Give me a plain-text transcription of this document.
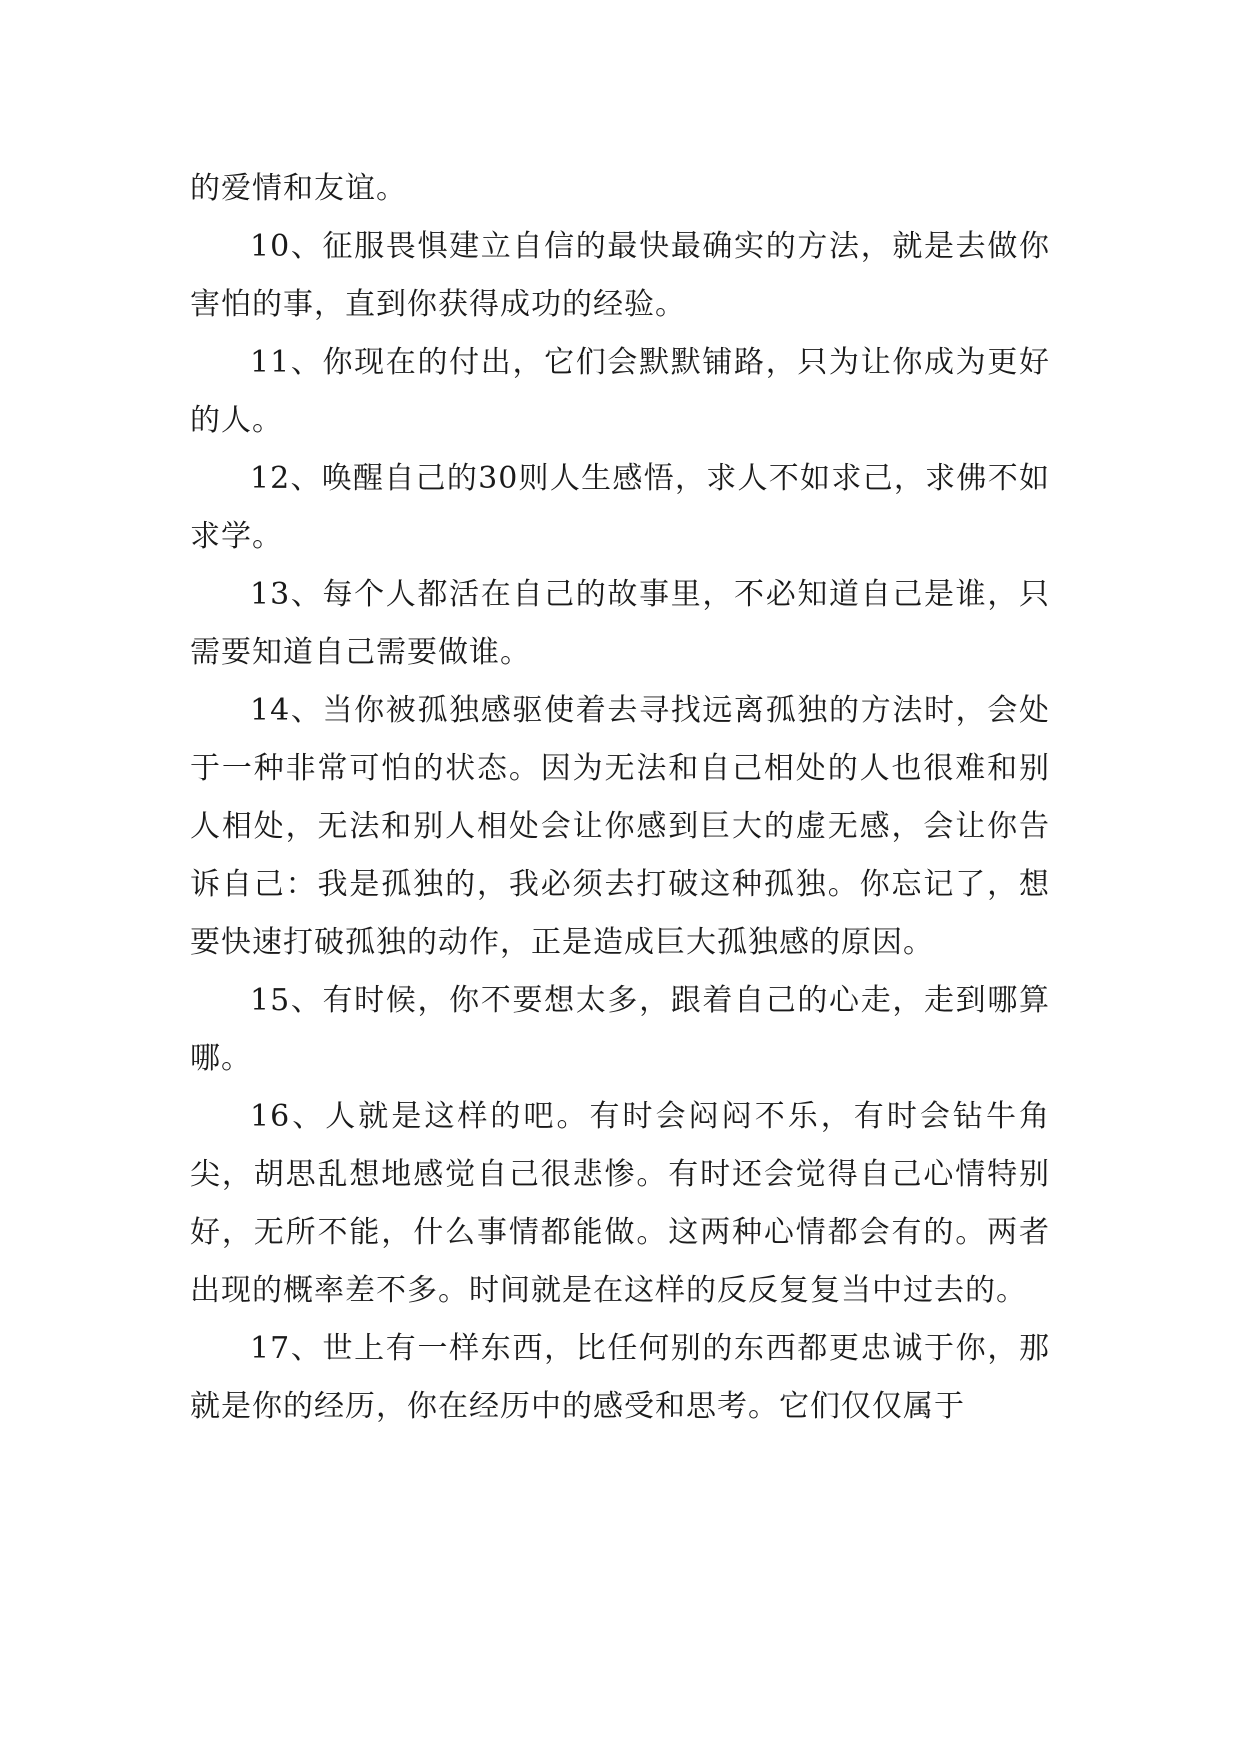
的爱情和友谊。

10、征服畏惧建立自信的最快最确实的方法，就是去做你害怕的事，直到你获得成功的经验。

11、你现在的付出，它们会默默铺路，只为让你成为更好的人。

12、唤醒自己的30则人生感悟，求人不如求己，求佛不如求学。

13、每个人都活在自己的故事里，不必知道自己是谁，只需要知道自己需要做谁。

14、当你被孤独感驱使着去寻找远离孤独的方法时，会处于一种非常可怕的状态。因为无法和自己相处的人也很难和别人相处，无法和别人相处会让你感到巨大的虚无感，会让你告诉自己：我是孤独的，我必须去打破这种孤独。你忘记了，想要快速打破孤独的动作，正是造成巨大孤独感的原因。

15、有时候，你不要想太多，跟着自己的心走，走到哪算哪。

16、人就是这样的吧。有时会闷闷不乐，有时会钻牛角尖，胡思乱想地感觉自己很悲惨。有时还会觉得自己心情特别好，无所不能，什么事情都能做。这两种心情都会有的。两者出现的概率差不多。时间就是在这样的反反复复当中过去的。

17、世上有一样东西，比任何别的东西都更忠诚于你，那就是你的经历，你在经历中的感受和思考。它们仅仅属于
